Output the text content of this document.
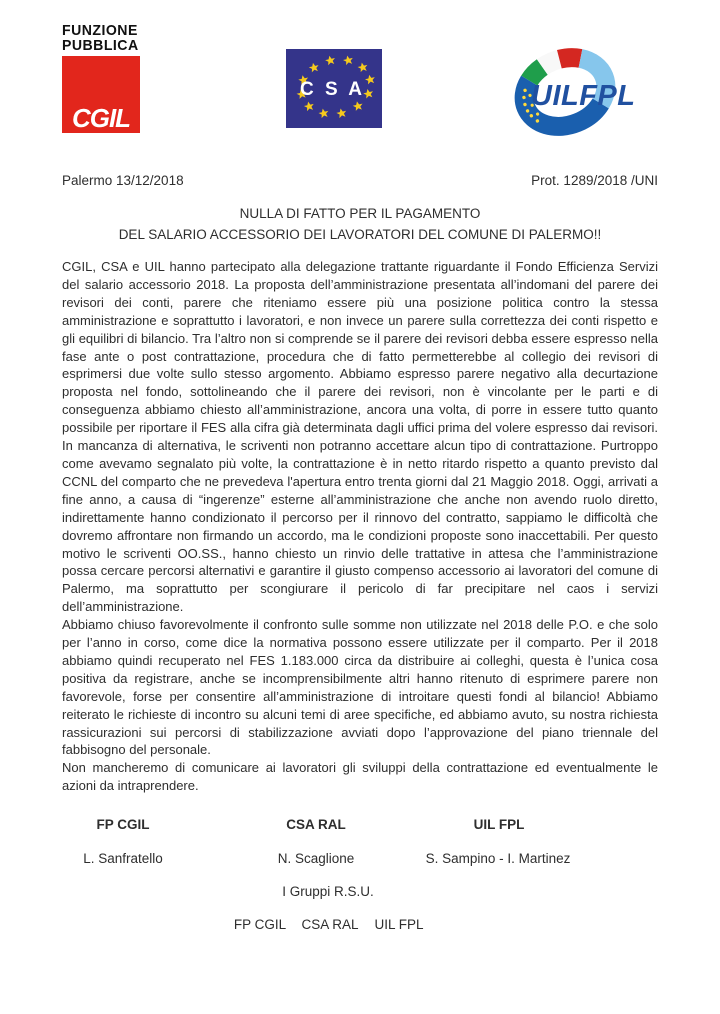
FUNZIONE
PUBBLICA
CGIL
C S A	UILFPL
Palermo 13/12/2018	Prot. 1289/2018 /UNI
NULLA DI FATTO PER IL PAGAMENTO
DEL SALARIO ACCESSORIO DEI LAVORATORI DEL COMUNE DI PALERMO!!

CGIL, CSA e UIL hanno partecipato alla delegazione trattante riguardante il Fondo Efficienza Servizi del salario accessorio 2018. La proposta dell’amministrazione presentata all’indomani del parere dei revisori dei conti, parere che riteniamo essere più una posizione politica contro la stessa amministrazione e soprattutto i lavoratori, e non invece un parere sulla correttezza dei conti rispetto e gli equilibri di bilancio. Tra l’altro non si comprende se il parere dei revisori debba essere espresso nella fase ante o post contrattazione, procedura che di fatto permetterebbe al collegio dei revisori di esprimersi due volte sullo stesso argomento. Abbiamo espresso parere negativo alla decurtazione proposta nel fondo, sottolineando che il parere dei revisori, non è vincolante per le parti e di conseguenza abbiamo chiesto all’amministrazione, ancora una volta, di porre in essere tutto quanto possibile per riportare il FES alla cifra già determinata dagli uffici prima del volere espresso dai revisori. In mancanza di alternativa, le scriventi non potranno accettare alcun tipo di contrattazione. Purtroppo come avevamo segnalato più volte, la contrattazione è in netto ritardo rispetto a quanto previsto dal CCNL del comparto che ne prevedeva l'apertura entro trenta giorni dal 21 Maggio 2018. Oggi, arrivati a fine anno, a causa di “ingerenze” esterne all’amministrazione che anche non avendo ruolo diretto, indirettamente hanno condizionato il percorso per il rinnovo del contratto, sappiamo le difficoltà che dovremo affrontare non firmando un accordo, ma le condizioni proposte sono inaccettabili. Per questo motivo le scriventi OO.SS., hanno chiesto un rinvio delle trattative in attesa che l’amministrazione possa cercare percorsi alternativi e garantire il giusto compenso accessorio ai lavoratori del comune di Palermo, ma soprattutto per scongiurare il pericolo di far precipitare nel caos i servizi dell’amministrazione.

Abbiamo chiuso favorevolmente il confronto sulle somme non utilizzate nel 2018 delle P.O. e che solo per l’anno in corso, come dice la normativa possono essere utilizzate per il comparto. Per il 2018 abbiamo quindi recuperato nel FES 1.183.000 circa da distribuire ai colleghi, questa è l’unica cosa positiva da registrare, anche se incomprensibilmente altri hanno ritenuto di esprimere parere non favorevole, forse per consentire all’amministrazione di introitare questi fondi al bilancio! Abbiamo reiterato le richieste di incontro su alcuni temi di aree specifiche, ed abbiamo avuto, su nostra richiesta rassicurazioni sui percorsi di stabilizzazione avviati dopo l’approvazione del piano triennale del fabbisogno del personale.

Non mancheremo di comunicare ai lavoratori gli sviluppi della contrattazione ed eventualmente le azioni da intraprendere.

FP CGIL	CSA RAL	UIL FPL
L. Sanfratello	N. Scaglione	S. Sampino - I. Martinez
I Gruppi R.S.U.
FP CGIL CSA RAL UIL FPL
